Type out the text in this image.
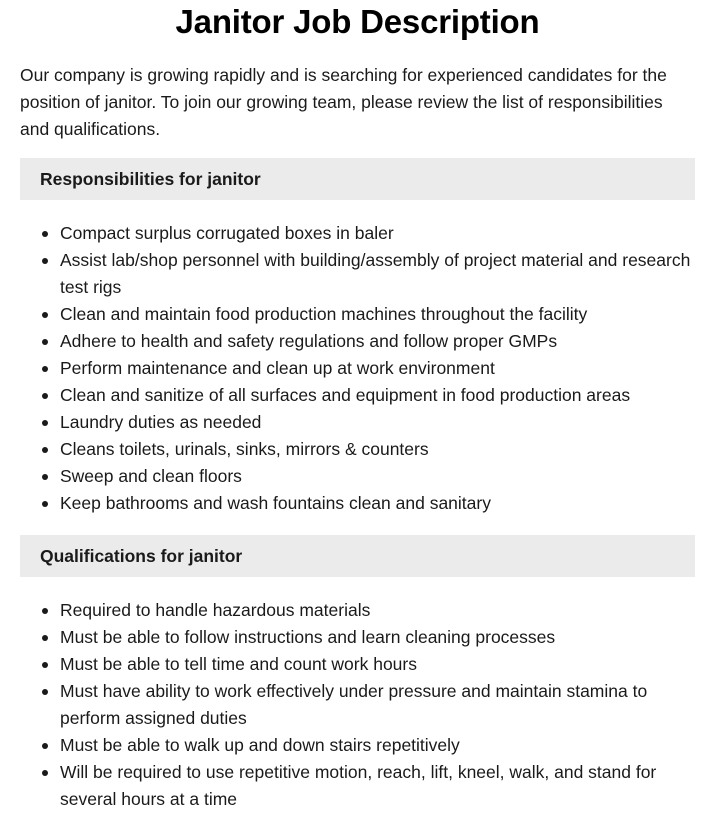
Janitor Job Description

Our company is growing rapidly and is searching for experienced candidates for the position of janitor. To join our growing team, please review the list of responsibilities and qualifications.

Responsibilities for janitor
Compact surplus corrugated boxes in baler
Assist lab/shop personnel with building/assembly of project material and research test rigs
Clean and maintain food production machines throughout the facility
Adhere to health and safety regulations and follow proper GMPs
Perform maintenance and clean up at work environment
Clean and sanitize of all surfaces and equipment in food production areas
Laundry duties as needed
Cleans toilets, urinals, sinks, mirrors & counters
Sweep and clean floors
Keep bathrooms and wash fountains clean and sanitary
Qualifications for janitor
Required to handle hazardous materials
Must be able to follow instructions and learn cleaning processes
Must be able to tell time and count work hours
Must have ability to work effectively under pressure and maintain stamina to perform assigned duties
Must be able to walk up and down stairs repetitively
Will be required to use repetitive motion, reach, lift, kneel, walk, and stand for several hours at a time
